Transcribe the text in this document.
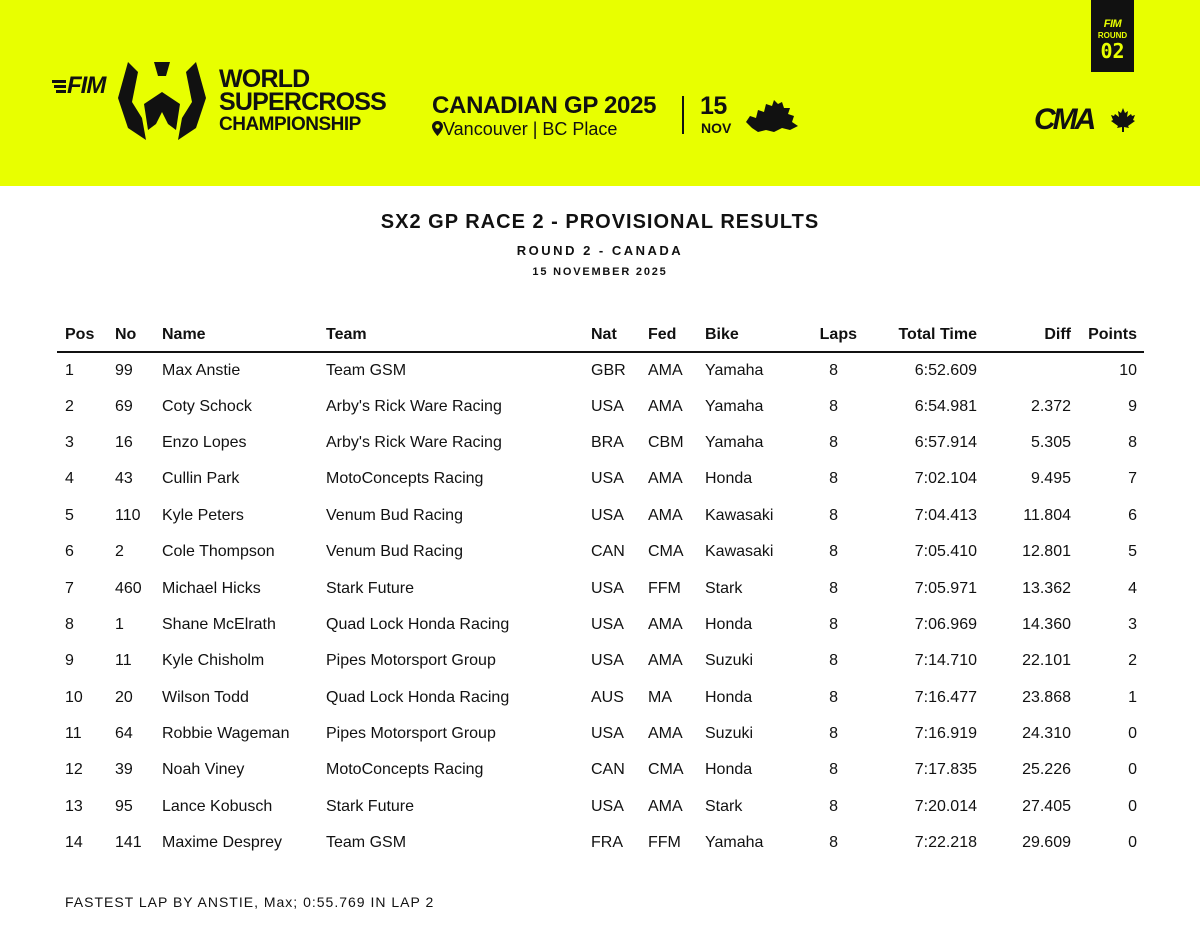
FIM	WORLD
SUPERCROSS
CHAMPIONSHIP
CANADIAN GP 2025
Vancouver | BC Place
15
NOV
FIM
ROUND
02
CMA
SX2 GP RACE 2 - PROVISIONAL RESULTS
ROUND 2 - CANADA
15 NOVEMBER 2025
Pos	No	Name	Team	Nat	Fed	Bike	Laps	Total Time	Diff	Points
1	99	Max Anstie	Team GSM	GBR	AMA	Yamaha	8	6:52.609		10
2	69	Coty Schock	Arby's Rick Ware Racing	USA	AMA	Yamaha	8	6:54.981	2.372	9
3	16	Enzo Lopes	Arby's Rick Ware Racing	BRA	CBM	Yamaha	8	6:57.914	5.305	8
4	43	Cullin Park	MotoConcepts Racing	USA	AMA	Honda	8	7:02.104	9.495	7
5	110	Kyle Peters	Venum Bud Racing	USA	AMA	Kawasaki	8	7:04.413	11.804	6
6	2	Cole Thompson	Venum Bud Racing	CAN	CMA	Kawasaki	8	7:05.410	12.801	5
7	460	Michael Hicks	Stark Future	USA	FFM	Stark	8	7:05.971	13.362	4
8	1	Shane McElrath	Quad Lock Honda Racing	USA	AMA	Honda	8	7:06.969	14.360	3
9	11	Kyle Chisholm	Pipes Motorsport Group	USA	AMA	Suzuki	8	7:14.710	22.101	2
10	20	Wilson Todd	Quad Lock Honda Racing	AUS	MA	Honda	8	7:16.477	23.868	1
11	64	Robbie Wageman	Pipes Motorsport Group	USA	AMA	Suzuki	8	7:16.919	24.310	0
12	39	Noah Viney	MotoConcepts Racing	CAN	CMA	Honda	8	7:17.835	25.226	0
13	95	Lance Kobusch	Stark Future	USA	AMA	Stark	8	7:20.014	27.405	0
14	141	Maxime Desprey	Team GSM	FRA	FFM	Yamaha	8	7:22.218	29.609	0
FASTEST LAP BY ANSTIE, Max; 0:55.769 IN LAP 2
